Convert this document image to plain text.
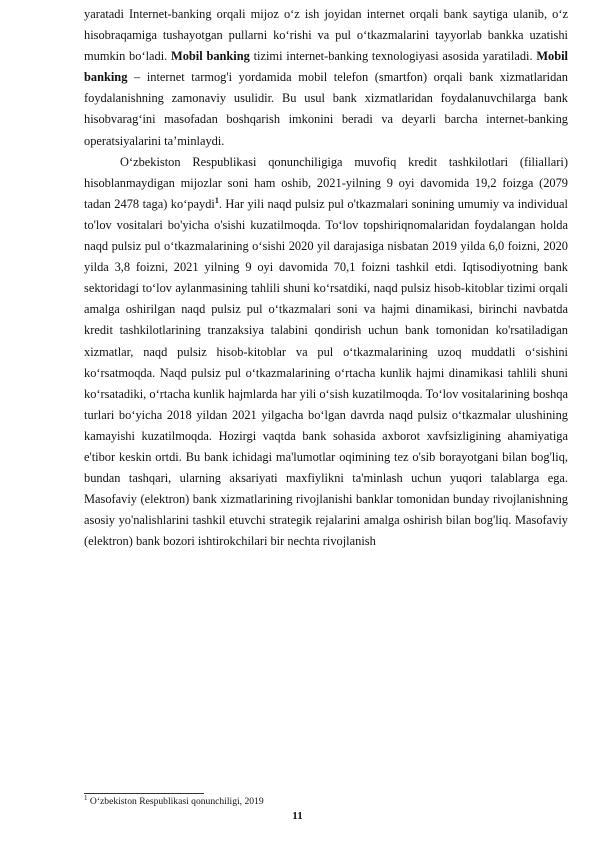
yaratadi Internet-banking orqali mijoz o‘z ish joyidan internet orqali bank saytiga ulanib, o‘z hisobraqamiga tushayotgan pullarni ko‘rishi va pul o‘tkazmalarini tayyorlab bankka uzatishi mumkin bo‘ladi. Mobil banking tizimi internet-banking texnologiyasi asosida yaratiladi. Mobil banking – internet tarmog'i yordamida mobil telefon (smartfon) orqali bank xizmatlaridan foydalanishning zamonaviy usulidir. Bu usul bank xizmatlaridan foydalanuvchilarga bank hisobvarag‘ini masofadan boshqarish imkonini beradi va deyarli barcha internet-banking operatsiyalarini ta’minlaydi.

O‘zbekiston Respublikasi qonunchiligiga muvofiq kredit tashkilotlari (filiallari) hisoblanmaydigan mijozlar soni ham oshib, 2021-yilning 9 oyi davomida 19,2 foizga (2079 tadan 2478 taga) ko‘paydi$^1$. Har yili naqd pulsiz pul o'tkazmalari sonining umumiy va individual to'lov vositalari bo'yicha o'sishi kuzatilmoqda. To‘lov topshiriqnomalaridan foydalangan holda naqd pulsiz pul o‘tkazmalarining o‘sishi 2020 yil darajasiga nisbatan 2019 yilda 6,0 foizni, 2020 yilda 3,8 foizni, 2021 yilning 9 oyi davomida 70,1 foizni tashkil etdi. Iqtisodiyotning bank sektoridagi to‘lov aylanmasining tahlili shuni ko‘rsatdiki, naqd pulsiz hisob-kitoblar tizimi orqali amalga oshirilgan naqd pulsiz pul o‘tkazmalari soni va hajmi dinamikasi, birinchi navbatda kredit tashkilotlarining tranzaksiya talabini qondirish uchun bank tomonidan ko'rsatiladigan xizmatlar, naqd pulsiz hisob-kitoblar va pul o‘tkazmalarining uzoq muddatli o‘sishini ko‘rsatmoqda. Naqd pulsiz pul o‘tkazmalarining o‘rtacha kunlik hajmi dinamikasi tahlili shuni ko‘rsatadiki, o‘rtacha kunlik hajmlarda har yili o‘sish kuzatilmoqda. To‘lov vositalarining boshqa turlari bo‘yicha 2018 yildan 2021 yilgacha bo‘lgan davrda naqd pulsiz o‘tkazmalar ulushining kamayishi kuzatilmoqda. Hozirgi vaqtda bank sohasida axborot xavfsizligining ahamiyatiga e'tibor keskin ortdi. Bu bank ichidagi ma'lumotlar oqimining tez o'sib borayotgani bilan bog'liq, bundan tashqari, ularning aksariyati maxfiylikni ta'minlash uchun yuqori talablarga ega. Masofaviy (elektron) bank xizmatlarining rivojlanishi banklar tomonidan bunday rivojlanishning asosiy yo'nalishlarini tashkil etuvchi strategik rejalarini amalga oshirish bilan bog'liq. Masofaviy (elektron) bank bozori ishtirokchilari bir nechta rivojlanish

$^1$ O‘zbekiston Respublikasi qonunchiligi, 2019
11
